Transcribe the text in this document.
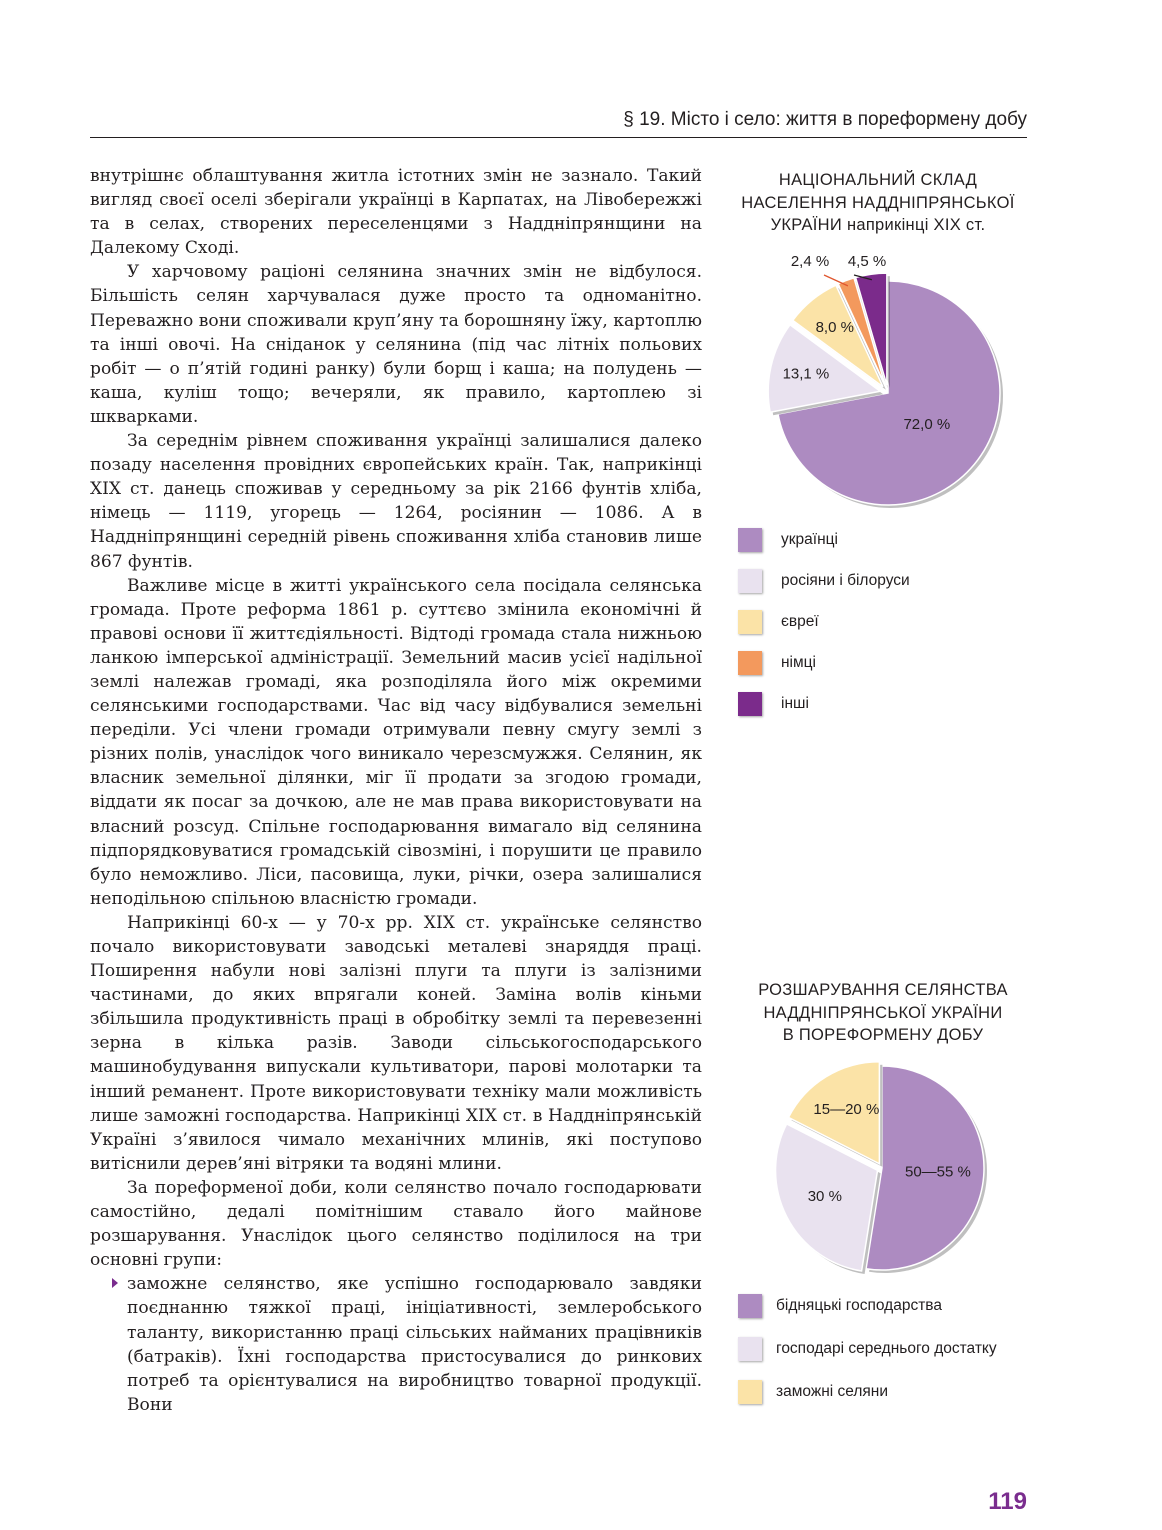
§ 19. Місто і село: життя в пореформену добу

внутрішнє облаштування житла істотних змін не зазнало. Такий вигляд своєї оселі зберігали українці в Карпатах, на Лівобережжі та в селах, створених переселенцями з Наддніпрянщини на Далекому Сході.

У харчовому раціоні селянина значних змін не відбулося. Більшість селян харчувалася дуже просто та одноманітно. Переважно вони споживали круп’яну та борошняну їжу, картоплю та інші овочі. На сніданок у селянина (під час літніх польових робіт — о п’ятій годині ранку) були борщ і каша; на полудень — каша, куліш тощо; вечеряли, як правило, картоплею зі шкварками.

За середнім рівнем споживання українці залишалися далеко позаду населення провідних європейських країн. Так, наприкінці XIX ст. данець споживав у середньому за рік 2166 фунтів хліба, німець — 1119, угорець — 1264, росіянин — 1086. А в Наддніпрянщині середній рівень споживання хліба становив лише 867 фунтів.

Важливе місце в житті українського села посідала селянська громада. Проте реформа 1861 р. суттєво змінила економічні й правові основи її життєдіяльності. Відтоді громада стала нижньою ланкою імперської адміністрації. Земельний масив усієї надільної землі належав громаді, яка розподіляла його між окремими селянськими господарствами. Час від часу відбувалися земельні переділи. Усі члени громади отримували певну смугу землі з різних полів, унаслідок чого виникало черезсмужжя. Селянин, як власник земельної ділянки, міг її продати за згодою громади, віддати як посаг за дочкою, але не мав права використовувати на власний розсуд. Спільне господарювання вимагало від селянина підпорядковуватися громадській сівозміні, і порушити це правило було неможливо. Ліси, пасовища, луки, річки, озера залишалися неподільною спільною власністю громади.

Наприкінці 60-х — у 70-х рр. XIX ст. українське селянство почало використовувати заводські металеві знаряддя праці. Поширення набули нові залізні плуги та плуги із залізними частинами, до яких впрягали коней. Заміна волів кіньми збільшила продуктивність праці в обробітку землі та перевезенні зерна в кілька разів. Заводи сільськогосподарського машинобудування випускали культиватори, парові молотарки та інший реманент. Проте використовувати техніку мали можливість лише заможні господарства. Наприкінці XIX ст. в Наддніпрянській Україні з’явилося чимало механічних млинів, які поступово витіснили дерев’яні вітряки та водяні млини.

За пореформеної доби, коли селянство почало господарювати самостійно, дедалі помітнішим ставало його майнове розшарування. Унаслідок цього селянство поділилося на три основні групи:

заможне селянство, яке успішно господарювало завдяки поєднанню тяжкої праці, ініціативності, землеробського таланту, використанню праці сільських найманих працівників (батраків). Їхні господарства пристосувалися до ринкових потреб та орієнтувалися на виробництво товарної продукції. Вони

НАЦІОНАЛЬНИЙ СКЛАД
НАСЕЛЕННЯ НАДДНІПРЯНСЬКОЇ
УКРАЇНИ наприкінці XIX ст.
72,0 %
13,1 %
8,0 %
2,4 % 4,5 %
українці
росіяни і білоруси
євреї
німці
інші
РОЗШАРУВАННЯ СЕЛЯНСТВА
НАДДНІПРЯНСЬКОЇ УКРАЇНИ
В ПОРЕФОРМЕНУ ДОБУ
50—55 %
30 %
15—20 %
бідняцькі господарства
господарі середнього достатку
заможні селяни
119
